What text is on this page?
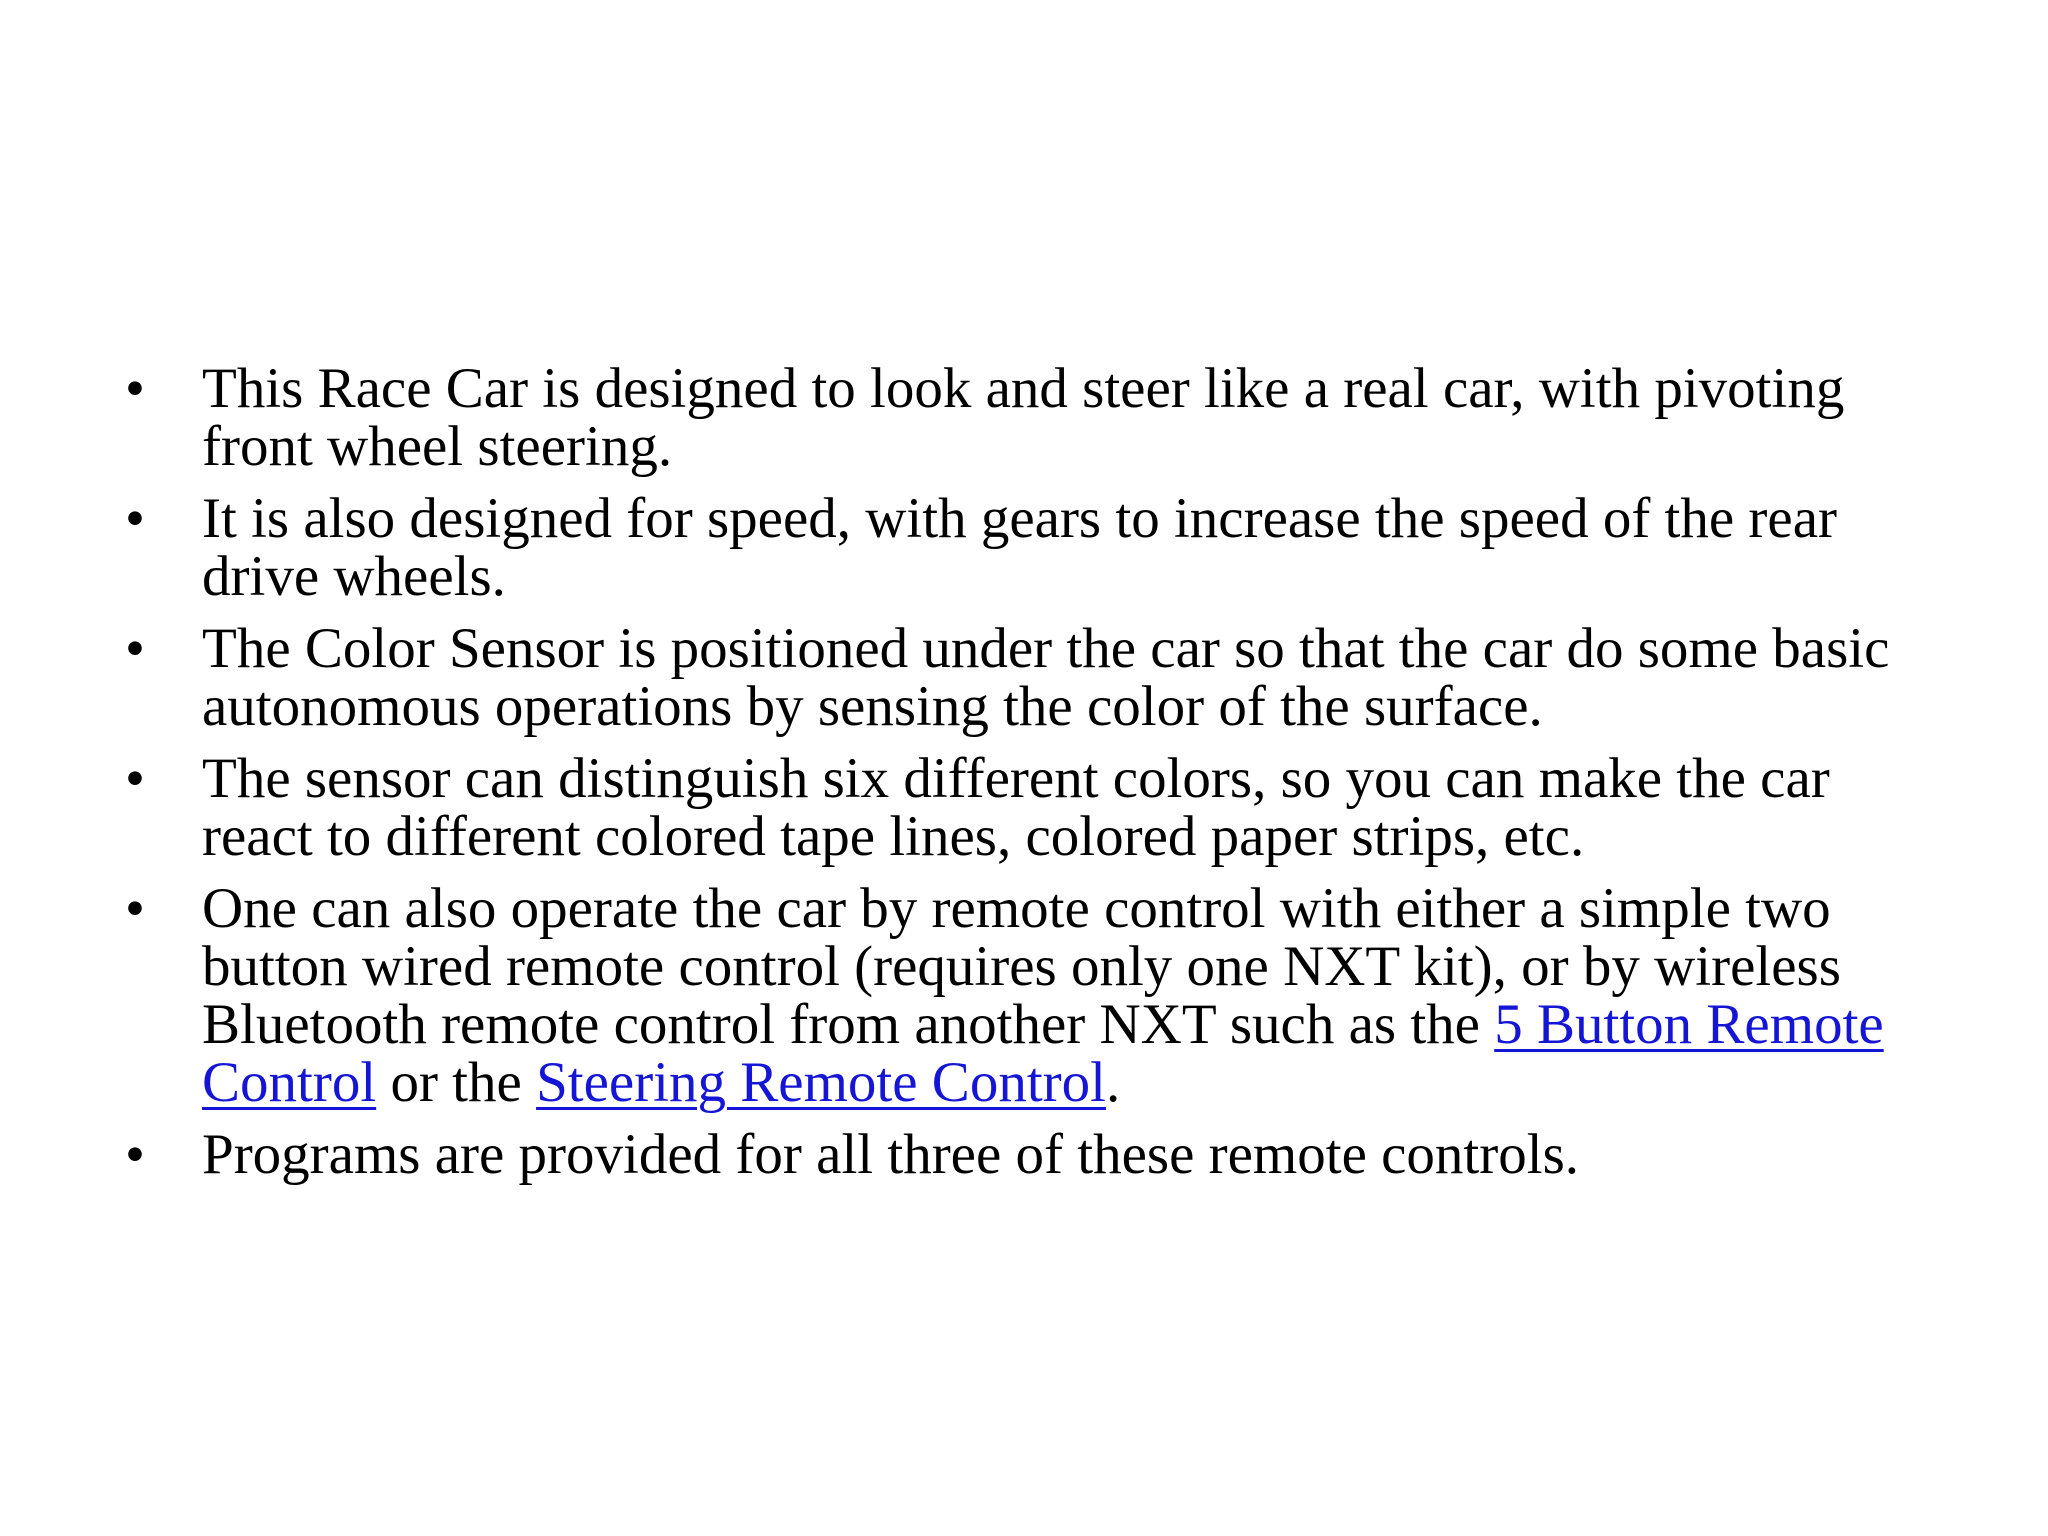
• This Race Car is designed to look and steer like a real car, with pivoting front wheel steering.
• It is also designed for speed, with gears to increase the speed of the rear drive wheels.
• The Color Sensor is positioned under the car so that the car do some basic autonomous operations by sensing the color of the surface.
• The sensor can distinguish six different colors, so you can make the car react to different colored tape lines, colored paper strips, etc.
• One can also operate the car by remote control with either a simple two button wired remote control (requires only one NXT kit), or by wireless Bluetooth remote control from another NXT such as the 5 Button Remote Control or the Steering Remote Control.
• Programs are provided for all three of these remote controls.
